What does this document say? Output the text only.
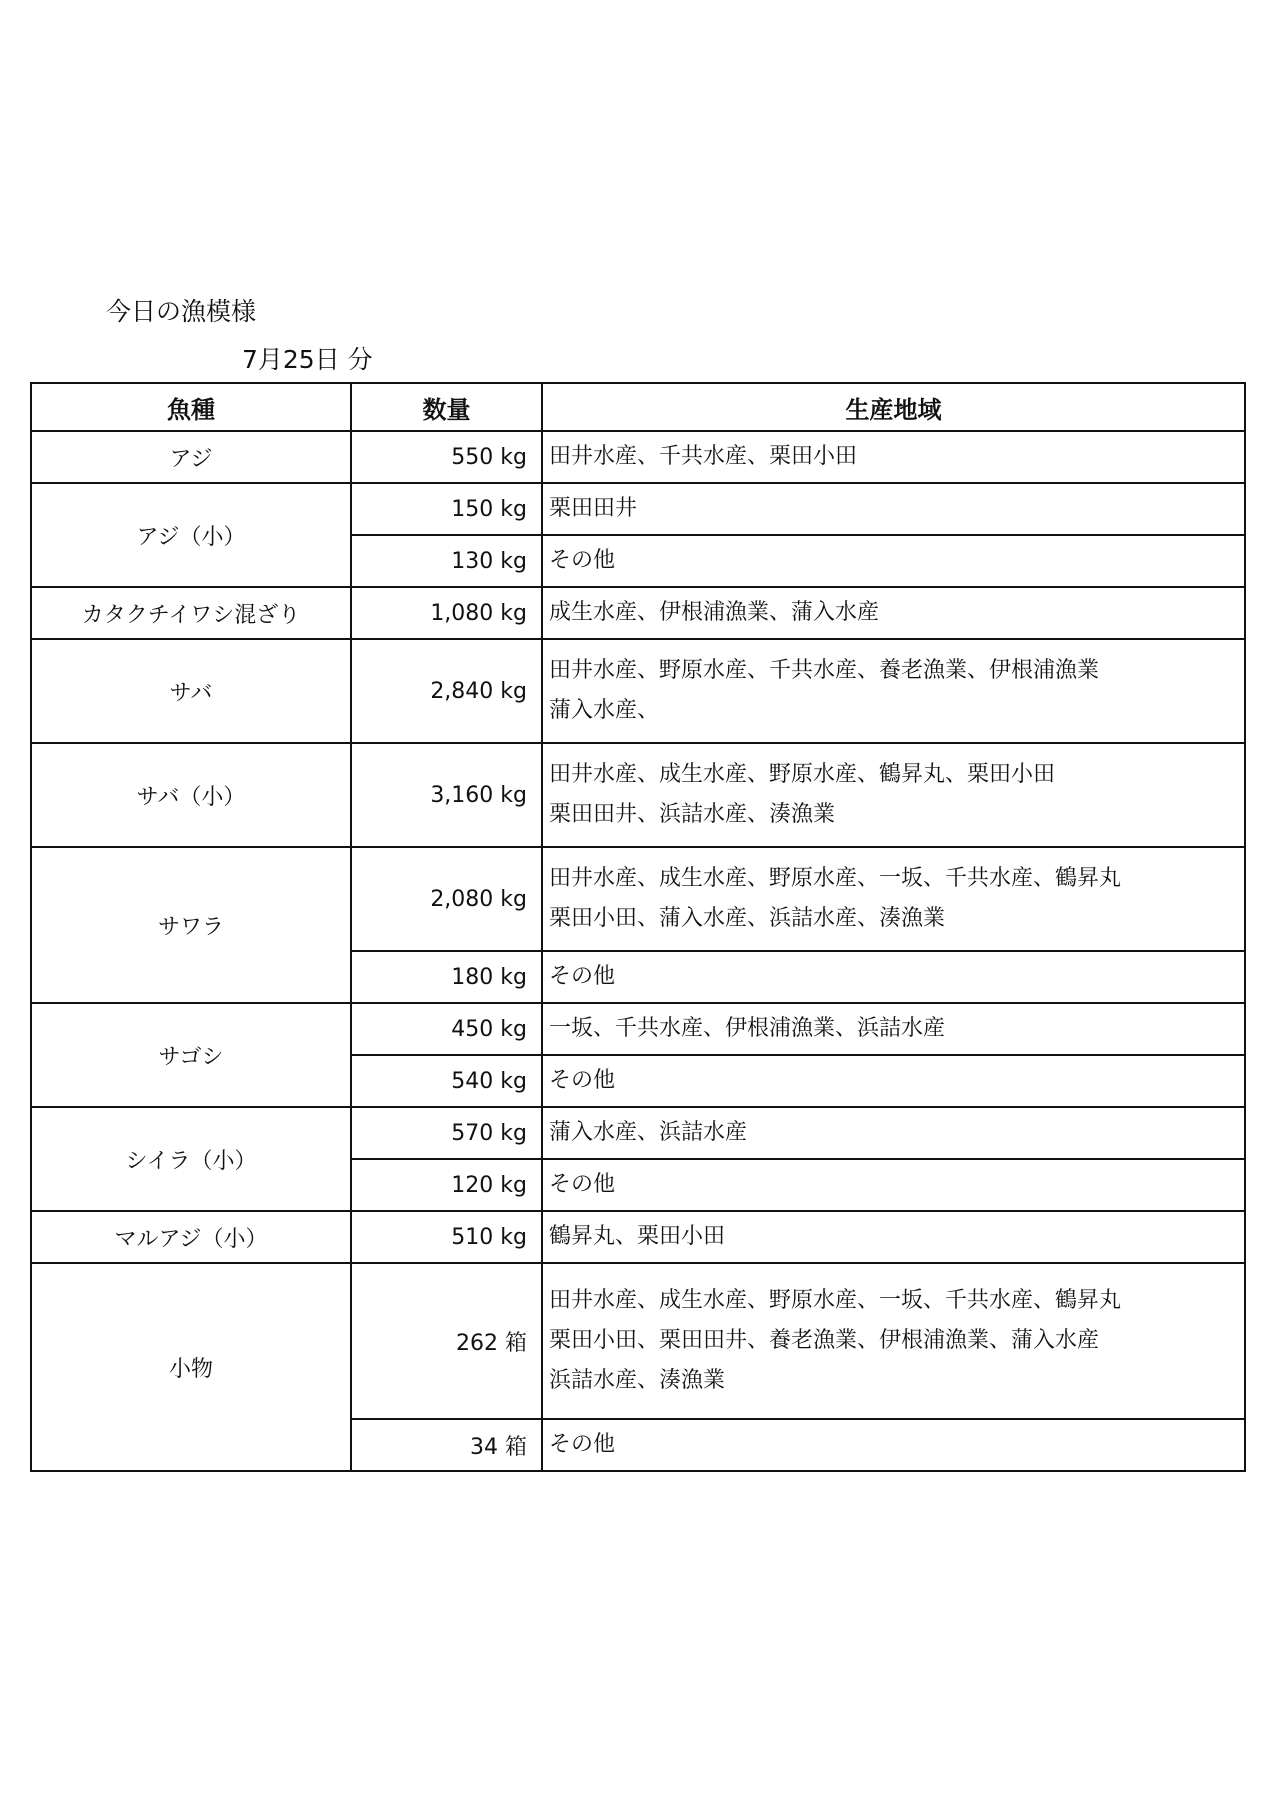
今日の漁模様
7月25日 分
魚種	数量	生産地域
アジ	550 kg	田井水産、千共水産、栗田小田

アジ（小）	150 kg	栗田田井

	130 kg	その他

カタクチイワシ混ざり	1,080 kg	成生水産、伊根浦漁業、蒲入水産

サバ	2,840 kg	田井水産、野原水産、千共水産、養老漁業、伊根浦漁業
蒲入水産、

サバ（小）	3,160 kg	田井水産、成生水産、野原水産、鶴昇丸、栗田小田
栗田田井、浜詰水産、湊漁業

サワラ	2,080 kg	田井水産、成生水産、野原水産、一坂、千共水産、鶴昇丸
栗田小田、蒲入水産、浜詰水産、湊漁業

	180 kg	その他

サゴシ	450 kg	一坂、千共水産、伊根浦漁業、浜詰水産

	540 kg	その他

シイラ（小）	570 kg	蒲入水産、浜詰水産

	120 kg	その他

マルアジ（小）	510 kg	鶴昇丸、栗田小田

小物	262 箱	田井水産、成生水産、野原水産、一坂、千共水産、鶴昇丸
栗田小田、栗田田井、養老漁業、伊根浦漁業、蒲入水産
浜詰水産、湊漁業

	34 箱	その他
